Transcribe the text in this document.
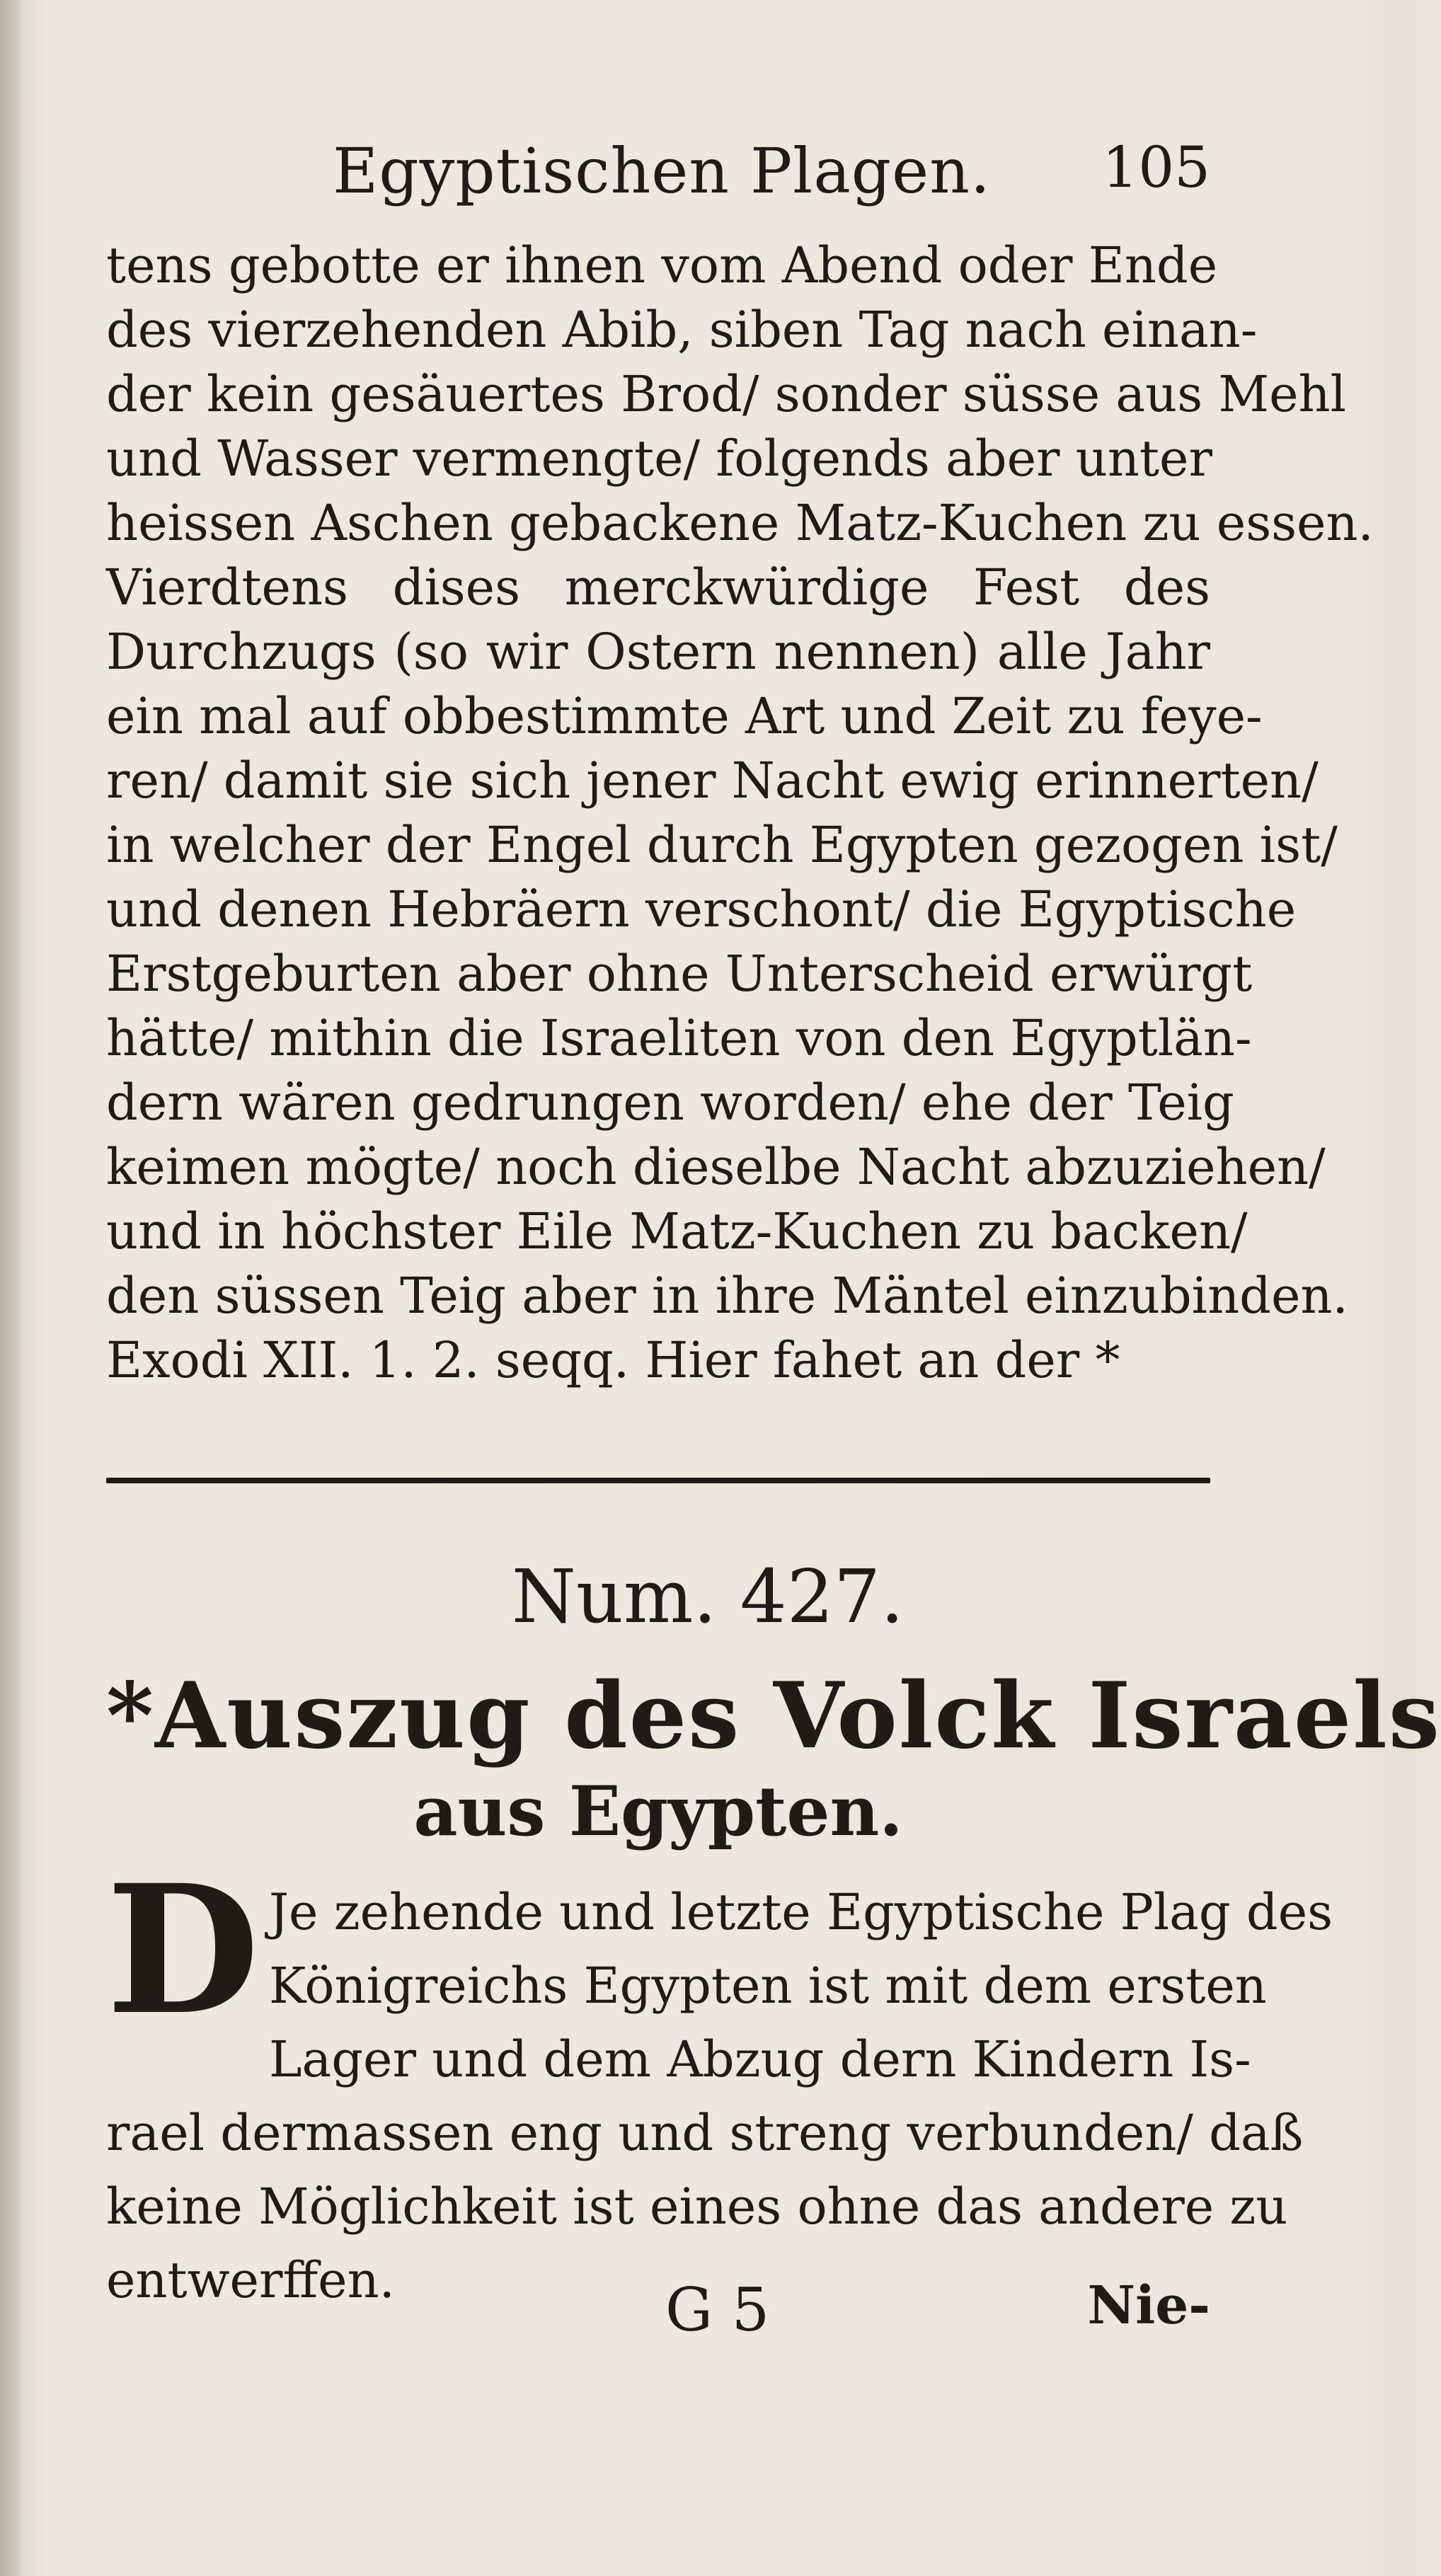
Egyptischen Plagen. 105
tens gebotte er ihnen vom Abend oder Ende
des vierzehenden Abib, siben Tag nach einan-
der kein gesäuertes Brod/ sonder süsse aus Mehl
und Wasser vermengte/ folgends aber unter
heissen Aschen gebackene Matz-Kuchen zu essen.
Vierdtens dises merckwürdige Fest des
Durchzugs (so wir Ostern nennen) alle Jahr
ein mal auf obbestimmte Art und Zeit zu feye-
ren/ damit sie sich jener Nacht ewig erinnerten/
in welcher der Engel durch Egypten gezogen ist/
und denen Hebräern verschont/ die Egyptische
Erstgeburten aber ohne Unterscheid erwürgt
hätte/ mithin die Israeliten von den Egyptlän-
dern wären gedrungen worden/ ehe der Teig
keimen mögte/ noch dieselbe Nacht abzuziehen/
und in höchster Eile Matz-Kuchen zu backen/
den süssen Teig aber in ihre Mäntel einzubinden.
Exodi XII. 1. 2. seqq. Hier fahet an der *
Num. 427.
*Auszug des Volck Israels
aus Egypten.
D Je zehende und letzte Egyptische Plag des
Königreichs Egypten ist mit dem ersten
Lager und dem Abzug dern Kindern Is-
rael dermassen eng und streng verbunden/ daß
keine Möglichkeit ist eines ohne das andere zu
entwerffen.	G 5	Nie-
